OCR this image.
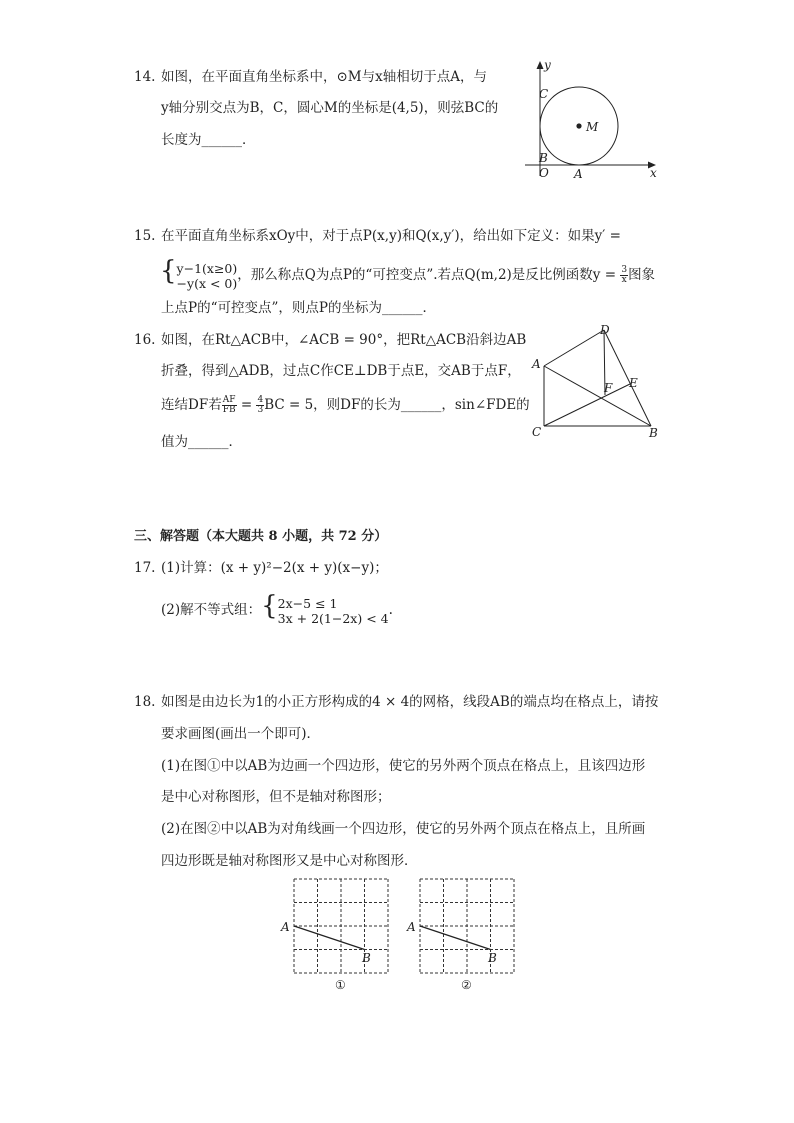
14. 如图，在平面直角坐标系中，⊙M与x轴相切于点A，与
y轴分别交点为B，C，圆心M的坐标是(4,5)，则弦BC的
长度为______．
y
x
C
B
O A
M
15. 在平面直角坐标系xOy中，对于点P(x,y)和Q(x,y′)，给出如下定义：如果y′ =
{ y−1(x≥0)
−y(x < 0) ，那么称点Q为点P的“可控变点”.若点Q(m,2)是反比例函数$y = \frac{3}{x}$ 图象
上点P的“可控变点”，则点P的坐标为______．
16. 如图，在Rt△ACB中，∠ACB = 90°，把Rt△ACB沿斜边AB
折叠，得到△ADB，过点C作CE⊥DB于点E，交AB于点F，
连结DF若 $\frac{AF}{FB} = \frac{4}{3}$ BC = 5，则DF的长为______，sin∠FDE的
值为______．
A
D
F E
C	B
三、解答题（本大题共 8 小题，共 72 分）
17. (1)计算：(x + y)²−2(x + y)(x−y)；
(2)解不等式组：{ 2x−5 ≤ 1
3x + 2(1−2x) < 4 .
18. 如图是由边长为1的小正方形构成的4 × 4的网格，线段AB的端点均在格点上，请按
要求画图(画出一个即可)．
(1)在图①中以AB为边画一个四边形，使它的另外两个顶点在格点上，且该四边形
是中心对称图形，但不是轴对称图形；
(2)在图②中以AB为对角线画一个四边形，使它的另外两个顶点在格点上，且所画
四边形既是轴对称图形又是中心对称图形．
A
B
①
A
B
②
